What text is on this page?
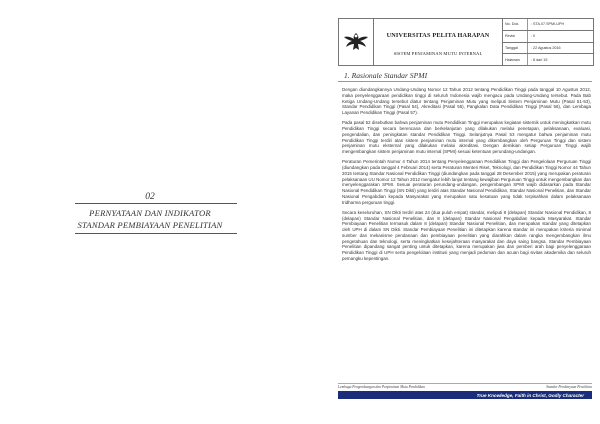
02
PERNYATAAN DAN INDIKATOR
STANDAR PEMBIAYAAN PENELITIAN
UNIVERSITAS PELITA HARAPAN
SISTEM PENJAMINAN MUTU INTERNAL
No. Dok.	: STA.07.SPMI-UPH
Revisi	: 0
Tanggal	: 22 Agustus 2016
Halaman	: 8 dari 15
1. Rasionale Standar SPMI

Dengan diundangkannya Undang-Undang Nomor 12 Tahun 2012 tentang Pendidikan Tinggi pada tanggal 10 Agustus 2012, maka penyelenggaraan pendidikan tinggi di seluruh Indonesia wajib mengacu pada Undang-Undang tersebut. Pada Bab Ketiga Undang-Undang tersebut diatur tentang Penjaminan Mutu yang meliputi Sistem Penjaminan Mutu (Pasal 51-53), Standar Pendidikan Tinggi (Pasal 54), Akreditasi (Pasal 55), Pangkalan Data Pendidikan Tinggi (Pasal 56), dan Lembaga Layanan Pendidikan Tinggi (Pasal 57).

Pada pasal 52 disebutkan bahwa penjaminan mutu Pendidikan Tinggi merupakan kegiatan sistemik untuk meningkatkan mutu Pendidikan Tinggi secara berencana dan berkelanjutan yang dilakukan melalui penetapan, pelaksanaan, evaluasi, pengendalian, dan peningkatan standar Pendidikan Tinggi. Selanjutnya Pasal 53 mengatur bahwa penjaminan mutu Pendidikan Tinggi terdiri atas sistem penjaminan mutu internal yang dikembangkan oleh Perguruan Tinggi dan sistem penjaminan mutu eksternal yang dilakukan melalui akreditasi. Dengan demikian setiap Perguruan Tinggi wajib mengembangkan sistem penjaminan mutu internal (SPMI) sesuai ketentuan perundang-undangan.

Peraturan Pemerintah Nomor 4 Tahun 2014 tentang Penyelenggaraan Pendidikan Tinggi dan Pengelolaan Perguruan Tinggi (diundangkan pada tanggal 4 Februari 2014) serta Peraturan Menteri Riset, Teknologi, dan Pendidikan Tinggi Nomor 44 Tahun 2015 tentang Standar Nasional Pendidikan Tinggi (diundangkan pada tanggal 28 Desember 2015) yang merupakan peraturan pelaksanaan UU Nomor 12 Tahun 2012 mengatur lebih lanjut tentang kewajiban Perguruan Tinggi untuk mengembangkan dan menyelenggarakan SPMI. Sesuai peraturan perundang-undangan, pengembangan SPMI wajib didasarkan pada Standar Nasional Pendidikan Tinggi (SN Dikti) yang terdiri atas Standar Nasional Pendidikan, Standar Nasional Penelitian, dan Standar Nasional Pengabdian kepada Masyarakat yang merupakan satu kesatuan yang tidak terpisahkan dalam pelaksanaan tridharma perguruan tinggi.

Secara keseluruhan, SN Dikti terdiri atas 24 (dua puluh empat) standar, meliputi 8 (delapan) Standar Nasional Pendidikan, 8 (delapan) Standar Nasional Penelitian, dan 8 (delapan) Standar Nasional Pengabdian kepada Masyarakat. Standar Pembiayaan Penelitian termasuk dalam 8 (delapan) Standar Nasional Penelitian, dan merupakan standar yang ditetapkan oleh UPH di dalam SN Dikti. Standar Pembiayaan Penelitian ini ditetapkan karena standar ini merupakan kriteria minimal sumber dan mekanisme pendanaan dan pembiayaan penelitian yang diarahkan dalam rangka mengembangkan ilmu pengetahuan dan teknologi, serta meningkatkan kesejahteraan masyarakat dan daya saing bangsa. Standar Pembiayaan Penelitian dipandang sangat penting untuk ditetapkan, karena merupakan jiwa dan pemberi arah bagi penyelenggaraan Pendidikan Tinggi di UPH serta pengelolaan institusi yang menjadi pedoman dan acuan bagi sivitas akademika dan seluruh pemangku kepentingan.

Lembaga Pengembangan dan Penjaminan Mutu Pendidikan	Standar Pembiayaan Penelitian
True Knowledge, Faith in Christ, Godly Character
